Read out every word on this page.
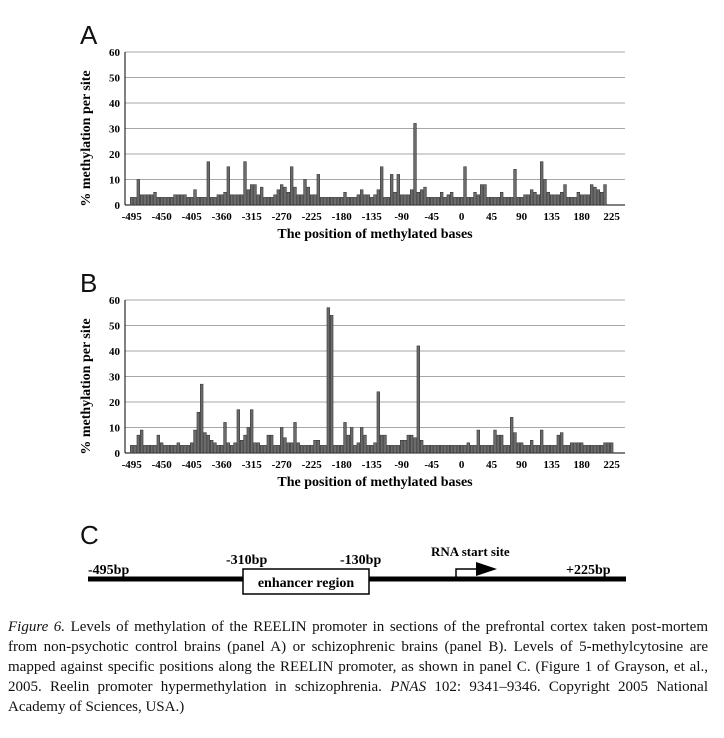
A
0
10
20
30
40
50
60
-495 -450 -405 -360 -315 -270 -225 -180 -135 -90 -45 0 45 90 135 180 225
The position of methylated bases
% methylation per site
B
0
10
20
30
40
50
60
-495 -450 -405 -360 -315 -270 -225 -180 -135 -90 -45 0 45 90 135 180 225
The position of methylated bases
% methylation per site
C
enhancer region
-495bp	+225bp
-310bp	-130bp
RNA start site
Figure 6. Levels of methylation of the REELIN promoter in sections of the prefrontal cortex taken post-mortem from non-psychotic control brains (panel A) or schizophrenic brains (panel B). Levels of 5-methylcytosine are mapped against specific positions along the REELIN promoter, as shown in panel C. (Figure 1 of Grayson, et al., 2005. Reelin promoter hypermethylation in schizophrenia. PNAS 102: 9341–9346. Copyright 2005 National Academy of Sciences, USA.)
